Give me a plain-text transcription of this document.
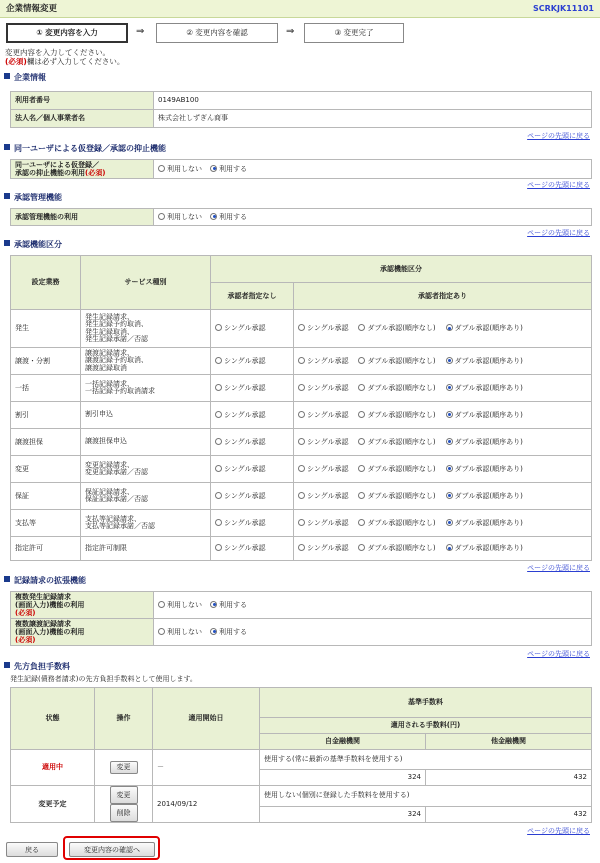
企業情報変更	SCRKJK11101
① 変更内容を入力	⇒	② 変更内容を確認	⇒	③ 変更完了
変更内容を入力してください。
(必須)欄は必ず入力してください。
企業情報
利用者番号	0149AB100
法人名／個人事業者名	株式会社しずぎん商事
ページの先頭に戻る
同一ユーザによる仮登録／承認の抑止機能
同一ユーザによる仮登録／
承認の抑止機能の利用(必須)	利用しない 利用する
ページの先頭に戻る
承認管理機能
承認管理機能の利用	利用しない 利用する
ページの先頭に戻る
承認機能区分
設定業務	サービス種別	承認機能区分	
		承認者指定なし	承認者指定あり
発生	発生記録請求、
発生記録予約取消、
発生記録取消、
発生記録承諾／否認	シングル承認	シングル承認 ダブル承認(順序なし) ダブル承認(順序あり)
譲渡・分割	譲渡記録請求、
譲渡記録予約取消、
譲渡記録取消	シングル承認	シングル承認 ダブル承認(順序なし) ダブル承認(順序あり)
一括	一括記録請求、
一括記録予約取消請求	シングル承認	シングル承認 ダブル承認(順序なし) ダブル承認(順序あり)
割引	割引申込	シングル承認	シングル承認 ダブル承認(順序なし) ダブル承認(順序あり)
譲渡担保	譲渡担保申込	シングル承認	シングル承認 ダブル承認(順序なし) ダブル承認(順序あり)
変更	変更記録請求、
変更記録承諾／否認	シングル承認	シングル承認 ダブル承認(順序なし) ダブル承認(順序あり)
保証	保証記録請求、
保証記録承諾／否認	シングル承認	シングル承認 ダブル承認(順序なし) ダブル承認(順序あり)
支払等	支払等記録請求、
支払等記録承諾／否認	シングル承認	シングル承認 ダブル承認(順序なし) ダブル承認(順序あり)
指定許可	指定許可制限	シングル承認	シングル承認 ダブル承認(順序なし) ダブル承認(順序あり)
ページの先頭に戻る
記録請求の拡張機能
複数発生記録請求
(画面入力)機能の利用
(必須)	利用しない 利用する
複数譲渡記録請求
(画面入力)機能の利用
(必須)	利用しない 利用する
ページの先頭に戻る
先方負担手数料
発生記録(債務者請求)の先方負担手数料として使用します。
状態	操作	適用開始日	基準手数料	
			適用される手数料(円)	
			自金融機関	他金融機関
適用中	変更	－	使用する(常に最新の基準手数料を使用する)	
			324	432
変更予定	変更
削除	2014/09/12	使用しない(個別に登録した手数料を使用する)	
			324	432
ページの先頭に戻る
戻る	変更内容の確認へ
